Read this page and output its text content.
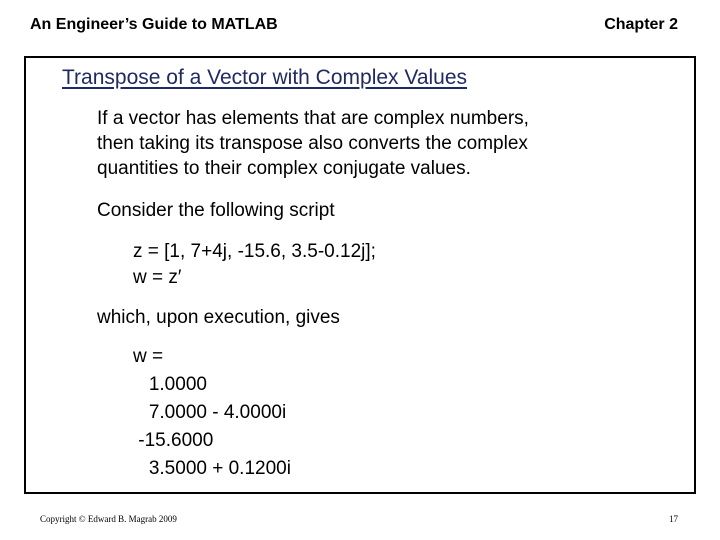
An Engineer’s Guide to MATLAB	Chapter 2
Transpose of a Vector with Complex Values
If a vector has elements that are complex numbers,
then taking its transpose also converts the complex
quantities to their complex conjugate values.
Consider the following script
z = [1, 7+4j, -15.6, 3.5-0.12j];
w = z′
which, upon execution, gives
w =
1.0000
7.0000 - 4.0000i
-15.6000
3.5000 + 0.1200i
Copyright © Edward B. Magrab 2009	17
